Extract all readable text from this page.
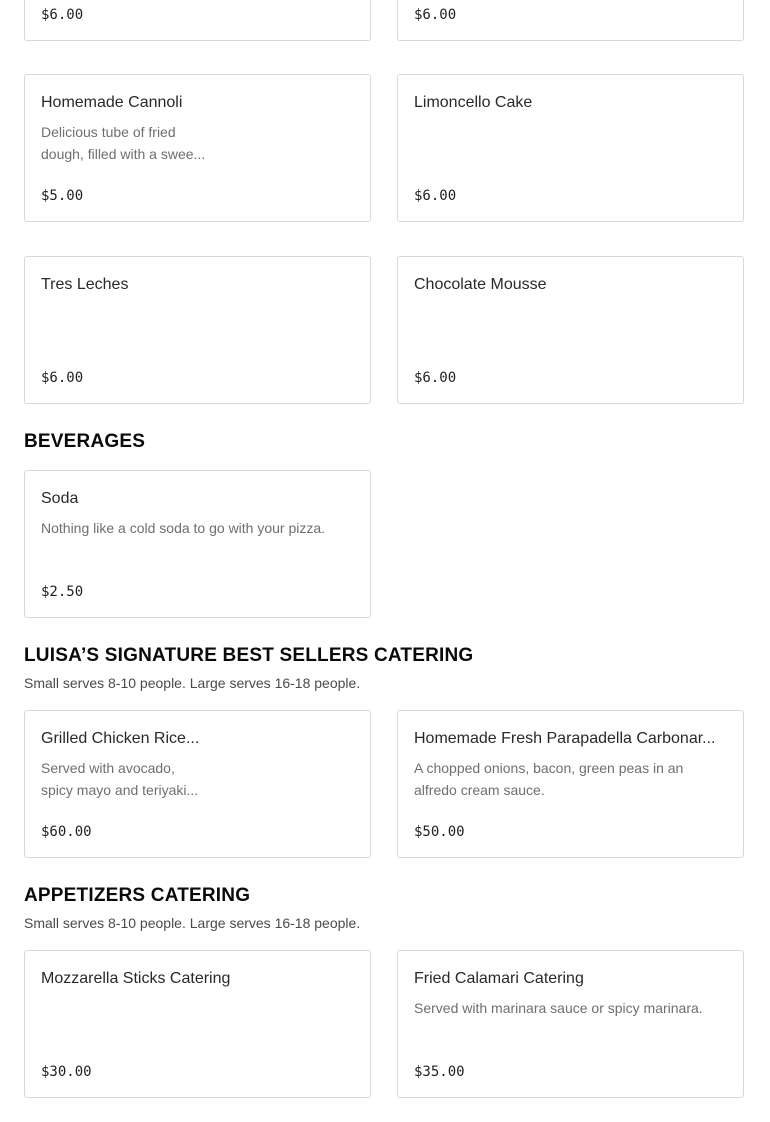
$6.00	$6.00
Homemade Cannoli
Delicious tube of fried
dough, filled with a swee...
$5.00
Limoncello Cake
$6.00
Tres Leches
$6.00
Chocolate Mousse
$6.00
BEVERAGES
Soda
Nothing like a cold soda to go with your pizza.
$2.50
LUISA’S SIGNATURE BEST SELLERS CATERING
Small serves 8-10 people. Large serves 16-18 people.
Grilled Chicken Rice...
Served with avocado,
spicy mayo and teriyaki...
$60.00
Homemade Fresh Parapadella Carbonar...
A chopped onions, bacon, green peas in an
alfredo cream sauce.
$50.00
APPETIZERS CATERING
Small serves 8-10 people. Large serves 16-18 people.
Mozzarella Sticks Catering
$30.00
Fried Calamari Catering
Served with marinara sauce or spicy marinara.
$35.00
